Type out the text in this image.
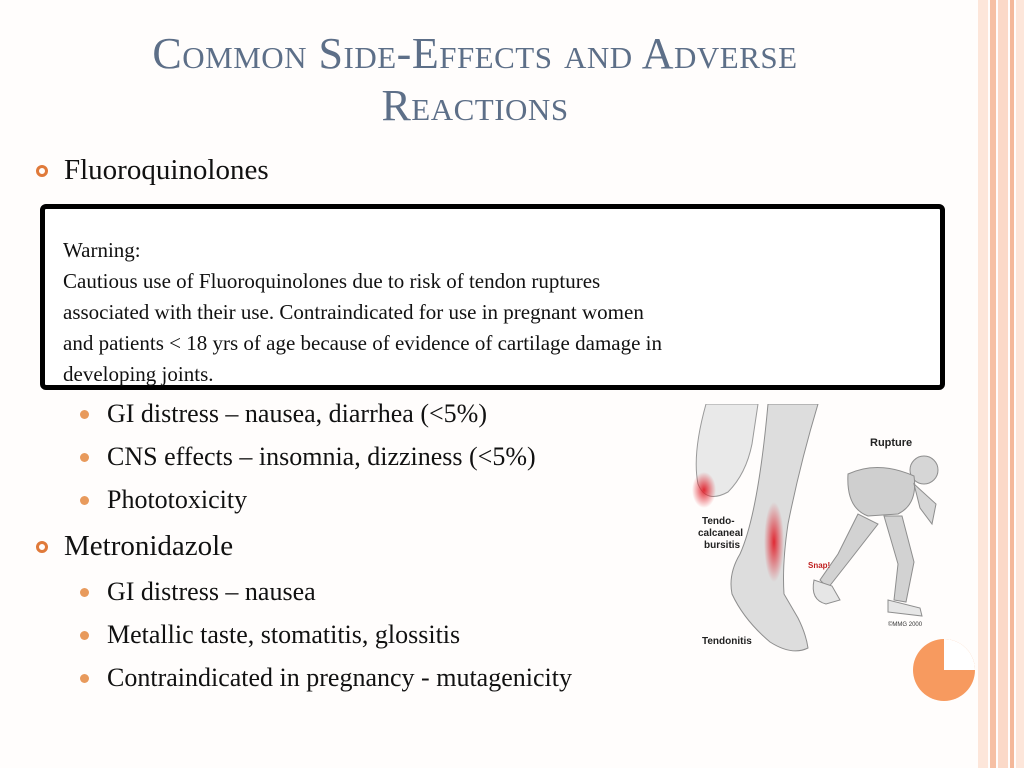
Common Side-Effects and Adverse
Reactions
Fluoroquinolones

Warning:

Cautious use of Fluoroquinolones due to risk of tendon ruptures

associated with their use. Contraindicated for use in pregnant women

and patients < 18 yrs of age because of evidence of cartilage damage in

developing joints.

GI distress – nausea, diarrhea (<5%)
CNS effects – insomnia, dizziness (<5%)
Phototoxicity
Metronidazole
GI distress – nausea
Metallic taste, stomatitis, glossitis
Contraindicated in pregnancy - mutagenicity
Rupture
Tendo-
calcaneal
bursitis
Snap!
Tendonitis
©MMG 2000
